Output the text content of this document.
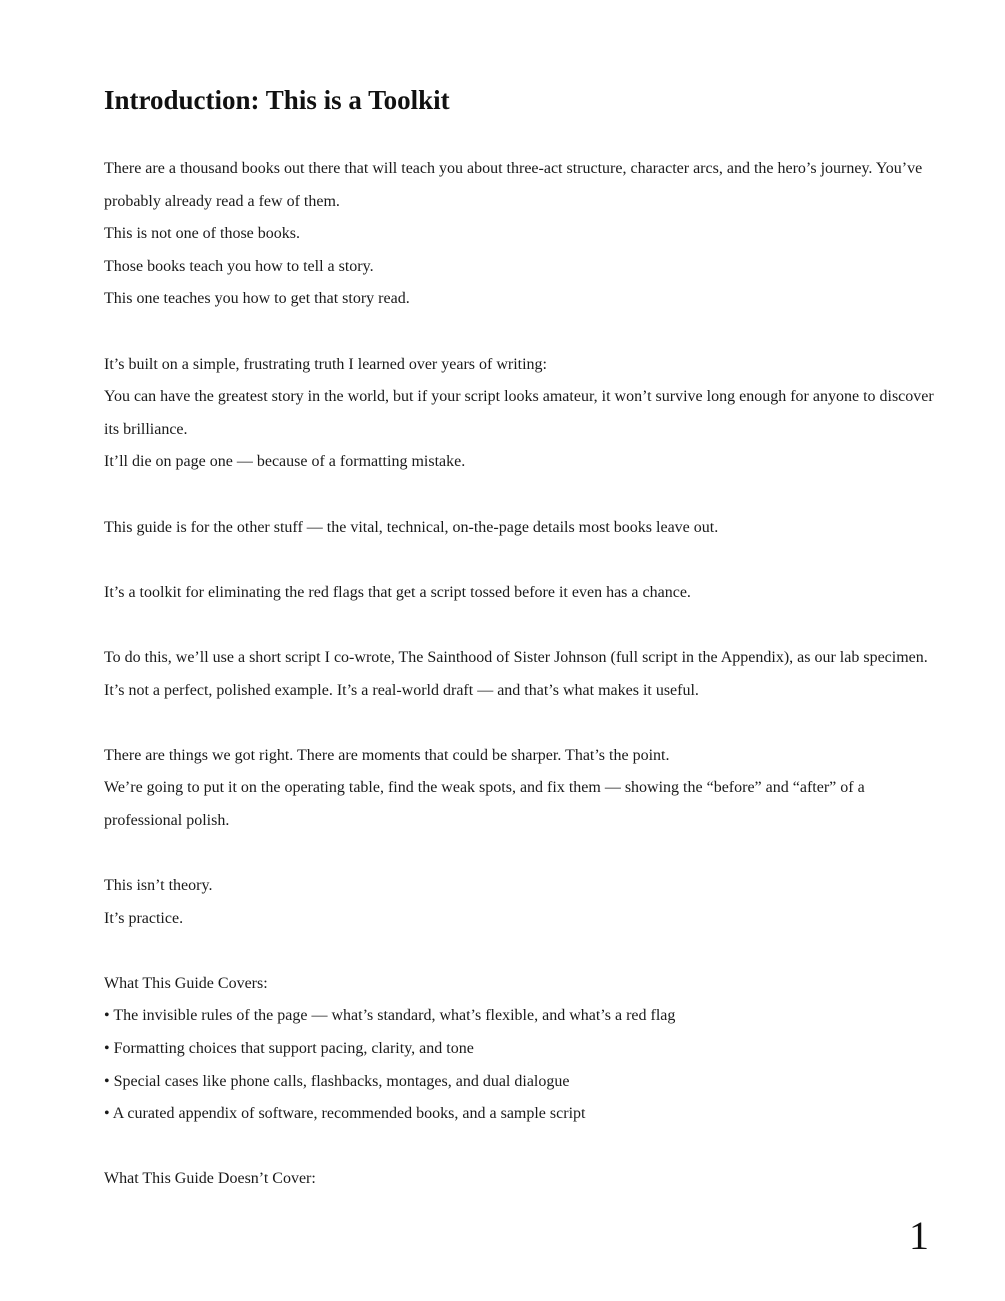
Introduction: This is a Toolkit

There are a thousand books out there that will teach you about three-act structure, character arcs, and the hero’s journey. You’ve probably already read a few of them.

This is not one of those books.

Those books teach you how to tell a story.

This one teaches you how to get that story read.

It’s built on a simple, frustrating truth I learned over years of writing:

You can have the greatest story in the world, but if your script looks amateur, it won’t survive long enough for anyone to discover its brilliance.

It’ll die on page one — because of a formatting mistake.

This guide is for the other stuff — the vital, technical, on-the-page details most books leave out.

It’s a toolkit for eliminating the red flags that get a script tossed before it even has a chance.

To do this, we’ll use a short script I co-wrote, The Sainthood of Sister Johnson (full script in the Appendix), as our lab specimen. It’s not a perfect, polished example. It’s a real-world draft — and that’s what makes it useful.

There are things we got right. There are moments that could be sharper. That’s the point.

We’re going to put it on the operating table, find the weak spots, and fix them — showing the “before” and “after” of a professional polish.

This isn’t theory.

It’s practice.

What This Guide Covers:

• The invisible rules of the page — what’s standard, what’s flexible, and what’s a red flag

• Formatting choices that support pacing, clarity, and tone

• Special cases like phone calls, flashbacks, montages, and dual dialogue

• A curated appendix of software, recommended books, and a sample script

What This Guide Doesn’t Cover:

1
